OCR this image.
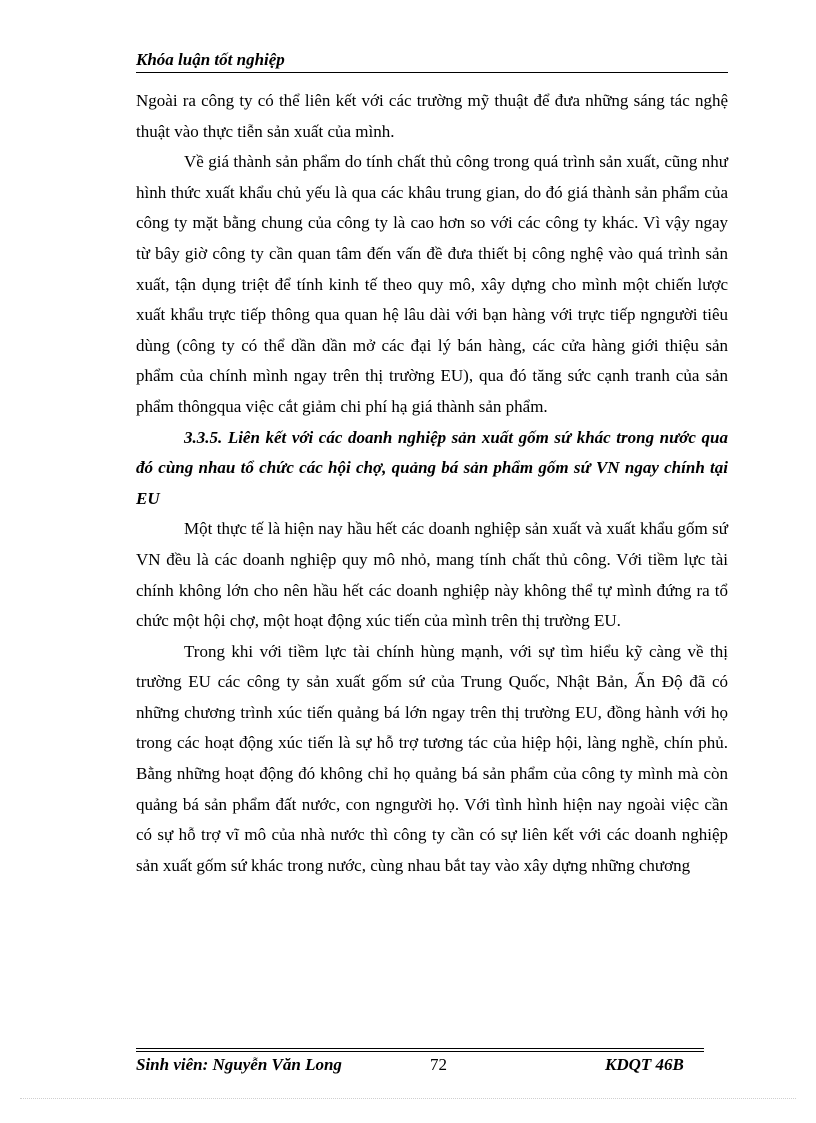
Khóa luận tốt nghiệp

Ngoài ra công ty có thể liên kết với các trường mỹ thuật để đưa những sáng tác nghệ thuật vào thực tiễn sản xuất của mình.

Về giá thành sản phẩm do tính chất thủ công trong quá trình sản xuất, cũng như hình thức xuất khẩu chủ yếu là qua các khâu trung gian, do đó giá thành sản phẩm của công ty mặt bằng chung của công ty là cao hơn so với các công ty khác. Vì vậy ngay từ bây giờ công ty cần quan tâm đến vấn đề đưa thiết bị công nghệ vào quá trình sản xuất, tận dụng triệt để tính kinh tế theo quy mô, xây dựng cho mình một chiến lược xuất khẩu trực tiếp thông qua quan hệ lâu dài với bạn hàng với trực tiếp ngngười tiêu dùng (công ty có thể dần dần mở các đại lý bán hàng, các cửa hàng giới thiệu sản phẩm của chính mình ngay trên thị trường EU), qua đó tăng sức cạnh tranh của sản phẩm thôngqua việc cắt giảm chi phí hạ giá thành sản phẩm.

3.3.5. Liên kết với các doanh nghiệp sản xuất gốm sứ khác trong nước qua đó cùng nhau tổ chức các hội chợ, quảng bá sản phẩm gốm sứ VN ngay chính tại EU

Một thực tế là hiện nay hầu hết các doanh nghiệp sản xuất và xuất khẩu gốm sứ VN đều là các doanh nghiệp quy mô nhỏ, mang tính chất thủ công. Với tiềm lực tài chính không lớn cho nên hầu hết các doanh nghiệp này không thể tự mình đứng ra tổ chức một hội chợ, một hoạt động xúc tiến của mình trên thị trường EU.

Trong khi với tiềm lực tài chính hùng mạnh, với sự tìm hiểu kỹ càng về thị trường EU các công ty sản xuất gốm sứ của Trung Quốc, Nhật Bản, Ấn Độ đã có những chương trình xúc tiến quảng bá lớn ngay trên thị trường EU, đồng hành với họ trong các hoạt động xúc tiến là sự hỗ trợ tương tác của hiệp hội, làng nghề, chín phủ. Bằng những hoạt động đó không chỉ họ quảng bá sản phẩm của công ty mình mà còn quảng bá sản phẩm đất nước, con ngngười họ. Với tình hình hiện nay ngoài việc cần có sự hỗ trợ vĩ mô của nhà nước thì công ty cần có sự liên kết với các doanh nghiệp sản xuất gốm sứ khác trong nước, cùng nhau bắt tay vào xây dựng những chương

Sinh viên: Nguyễn Văn Long	72	KDQT 46B
